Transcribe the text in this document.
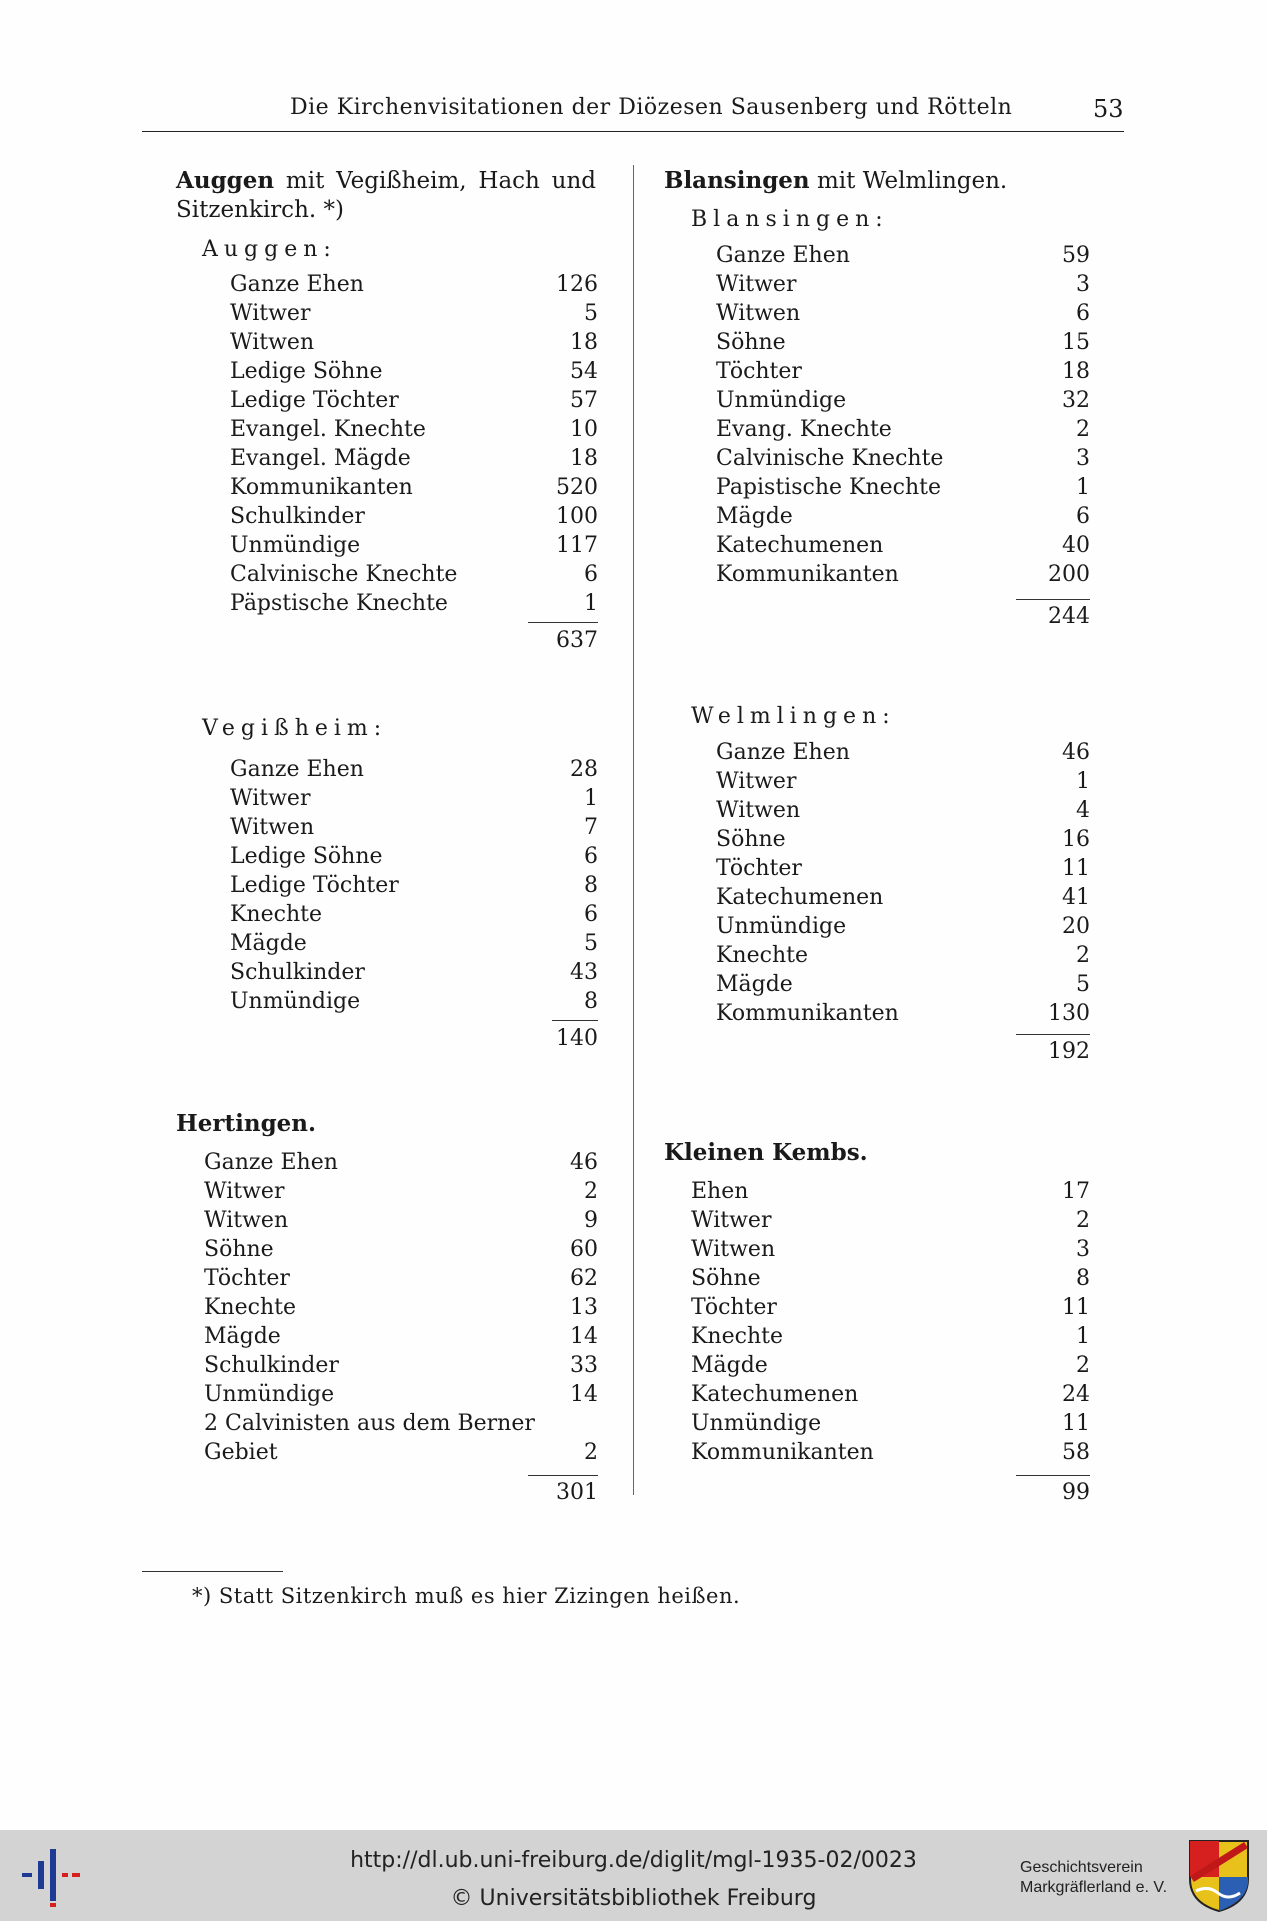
Die Kirchenvisitationen der Diözesen Sausenberg und Rötteln	53
Auggen mit Vegißheim, Hach und Sitzenkirch. *)
Auggen:
Ganze Ehen	126
Witwer	5
Witwen	18
Ledige Söhne	54
Ledige Töchter	57
Evangel. Knechte	10
Evangel. Mägde	18
Kommunikanten	520
Schulkinder	100
Unmündige	117
Calvinische Knechte	6
Päpstische Knechte	1
637
Vegißheim:
Ganze Ehen	28
Witwer	1
Witwen	7
Ledige Söhne	6
Ledige Töchter	8
Knechte	6
Mägde	5
Schulkinder	43
Unmündige	8
140
Hertingen.
Ganze Ehen	46
Witwer	2
Witwen	9
Söhne	60
Töchter	62
Knechte	13
Mägde	14
Schulkinder	33
Unmündige	14
2 Calvinisten aus dem Berner
Gebiet	2
301
Blansingen mit Welmlingen.
Blansingen:
Ganze Ehen	59
Witwer	3
Witwen	6
Söhne	15
Töchter	18
Unmündige	32
Evang. Knechte	2
Calvinische Knechte	3
Papistische Knechte	1
Mägde	6
Katechumenen	40
Kommunikanten	200
244
Welmlingen:
Ganze Ehen	46
Witwer	1
Witwen	4
Söhne	16
Töchter	11
Katechumenen	41
Unmündige	20
Knechte	2
Mägde	5
Kommunikanten	130
192
Kleinen Kembs.
Ehen	17
Witwer	2
Witwen	3
Söhne	8
Töchter	11
Knechte	1
Mägde	2
Katechumenen	24
Unmündige	11
Kommunikanten	58
99
*) Statt Sitzenkirch muß es hier Zizingen heißen.
http://dl.ub.uni-freiburg.de/diglit/mgl-1935-02/0023
© Universitätsbibliothek Freiburg
Geschichtsverein
Markgräflerland e. V.
